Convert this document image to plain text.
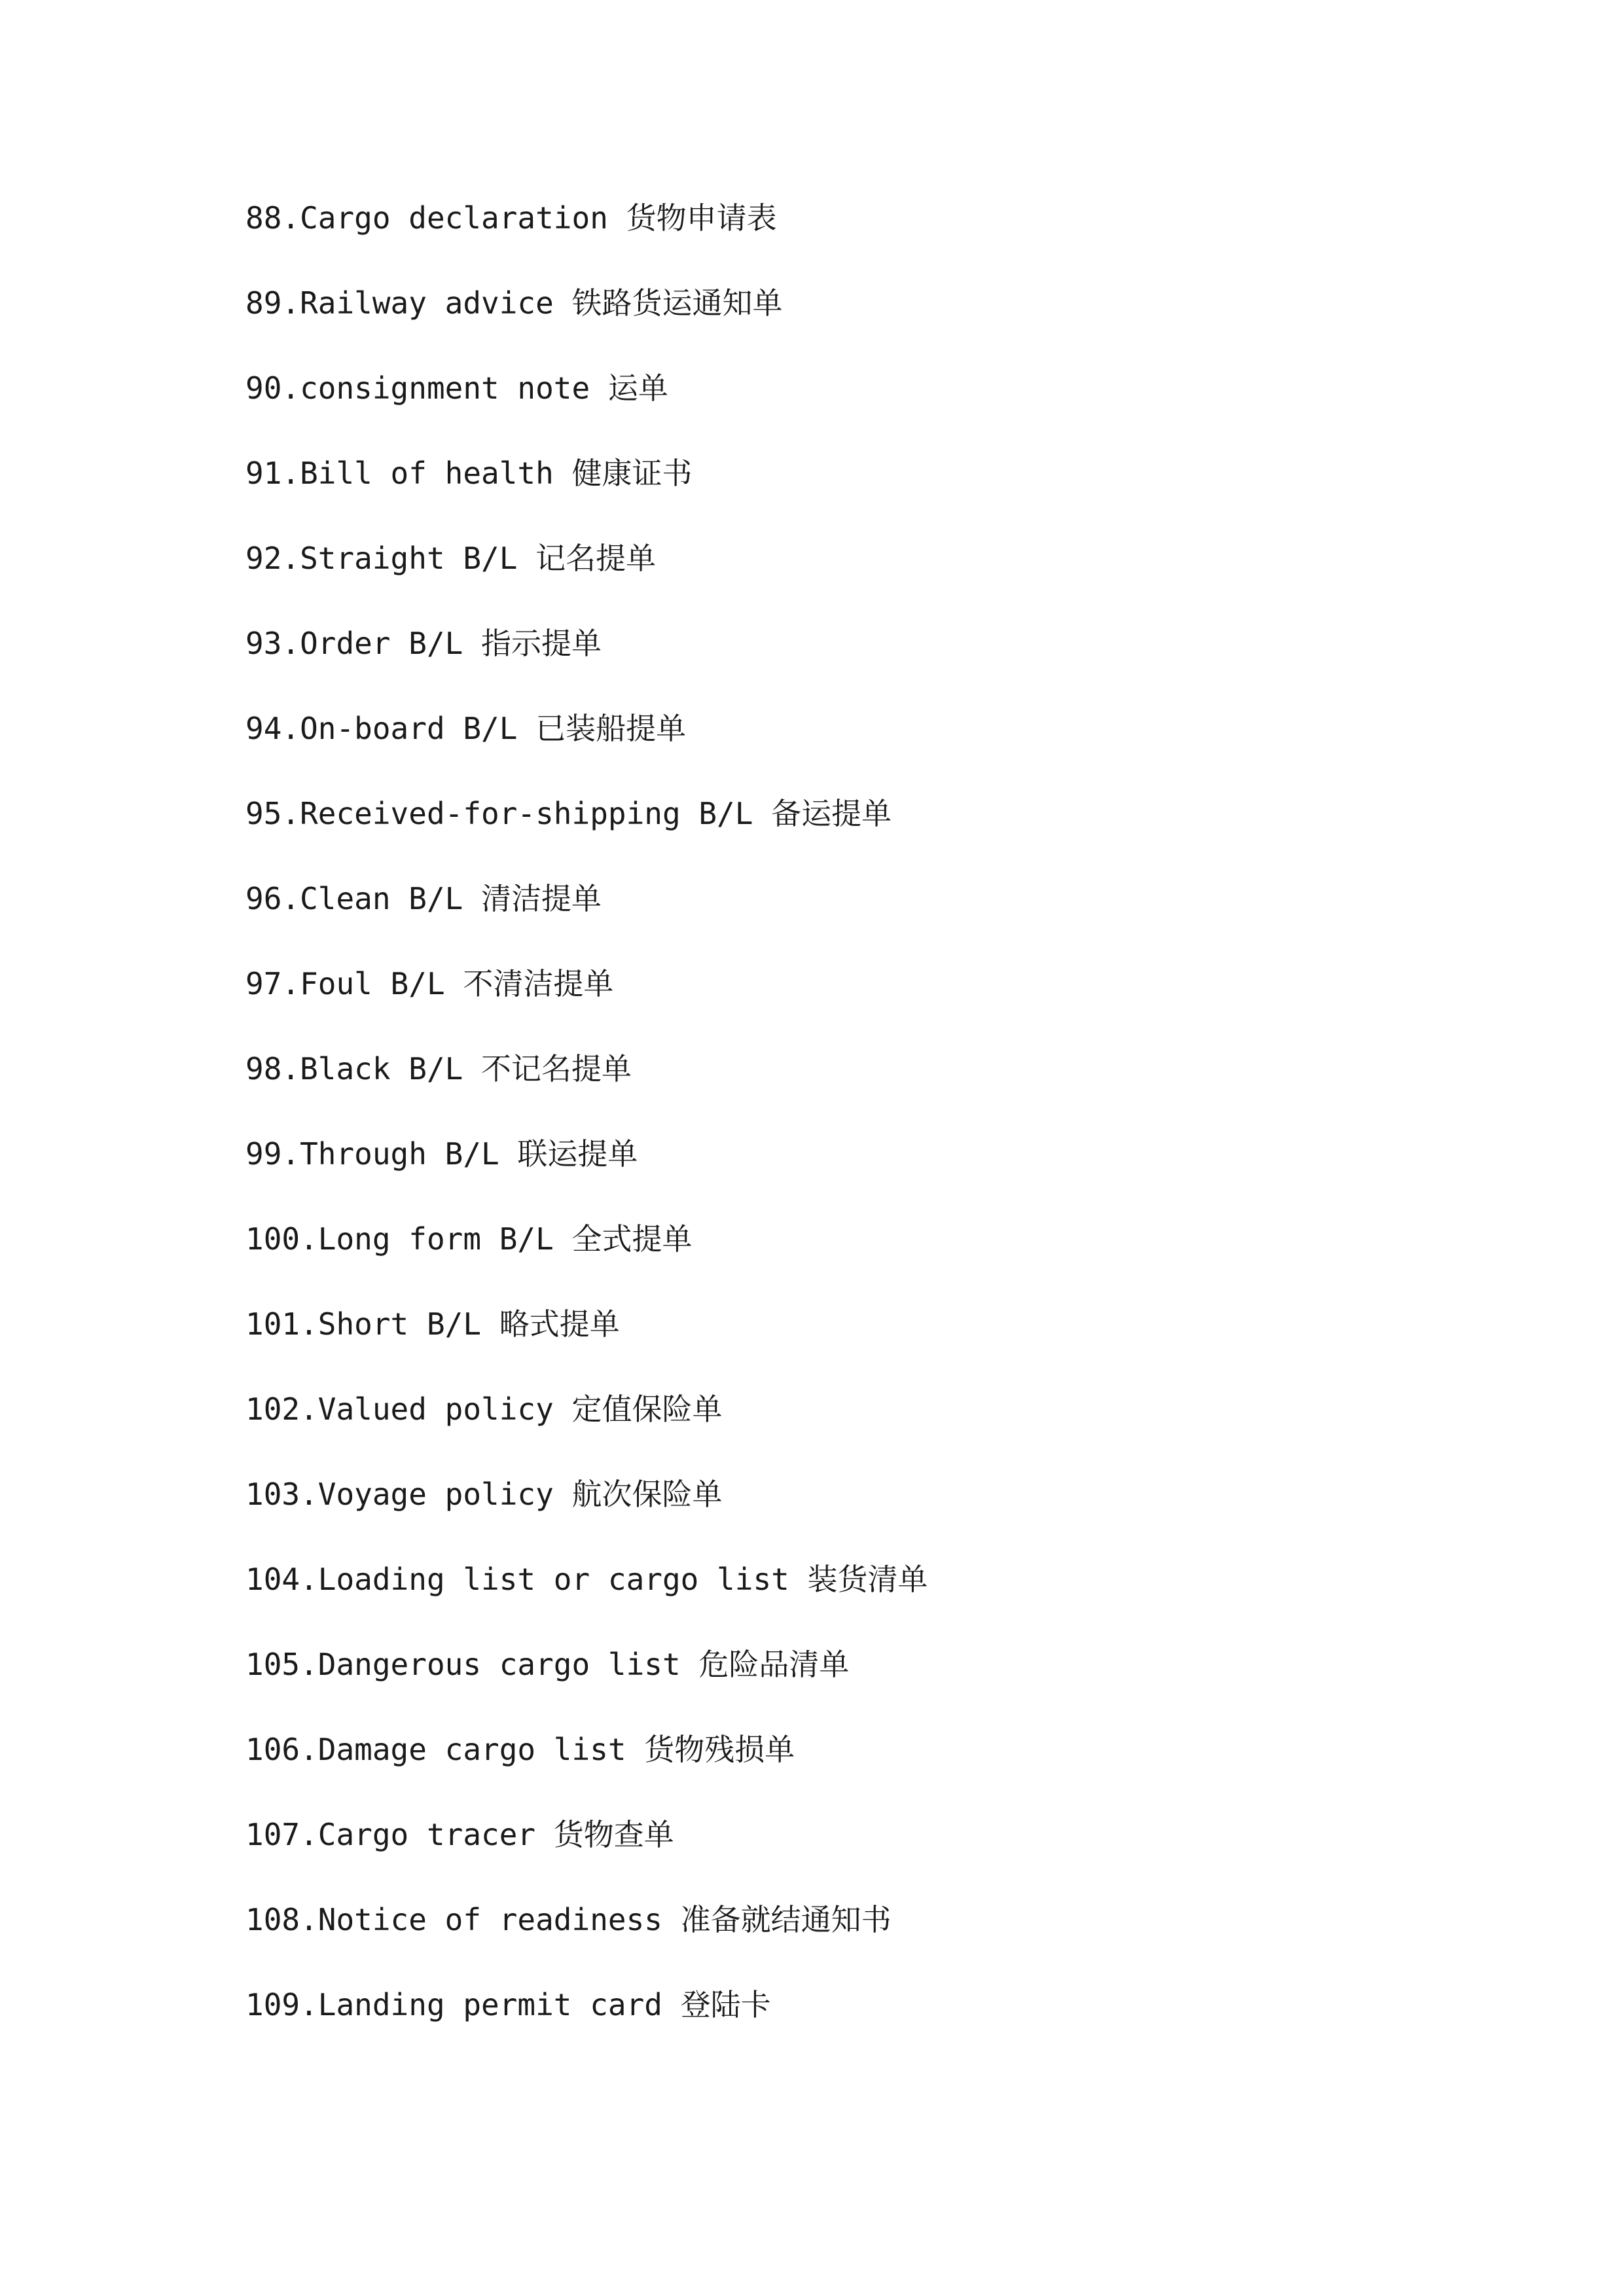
88.Cargo declaration 货物申请表
89.Railway advice 铁路货运通知单
90.consignment note 运单
91.Bill of health 健康证书
92.Straight B/L 记名提单
93.Order B/L 指示提单
94.On-board B/L 已装船提单
95.Received-for-shipping B/L 备运提单
96.Clean B/L 清洁提单
97.Foul B/L 不清洁提单
98.Black B/L 不记名提单
99.Through B/L 联运提单
100.Long form B/L 全式提单
101.Short B/L 略式提单
102.Valued policy 定值保险单
103.Voyage policy 航次保险单
104.Loading list or cargo list 装货清单
105.Dangerous cargo list 危险品清单
106.Damage cargo list 货物残损单
107.Cargo tracer 货物查单
108.Notice of readiness 准备就结通知书
109.Landing permit card 登陆卡
